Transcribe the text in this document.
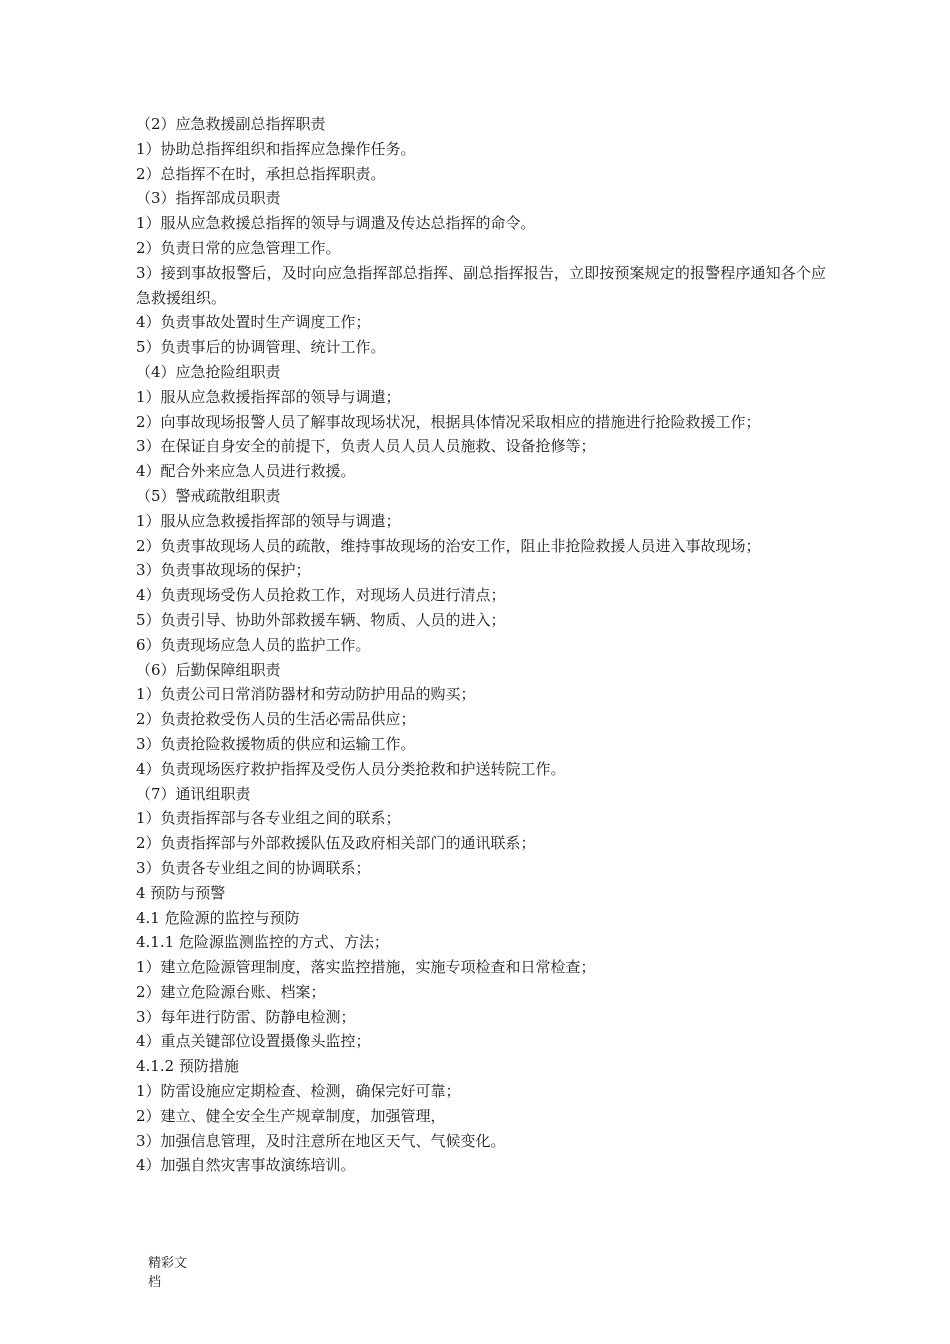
（2）应急救援副总指挥职责
1）协助总指挥组织和指挥应急操作任务。
2）总指挥不在时，承担总指挥职责。
（3）指挥部成员职责
1）服从应急救援总指挥的领导与调遣及传达总指挥的命令。
2）负责日常的应急管理工作。
3）接到事故报警后，及时向应急指挥部总指挥、副总指挥报告，立即按预案规定的报警程序通知各个应急救援组织。
4）负责事故处置时生产调度工作；
5）负责事后的协调管理、统计工作。
（4）应急抢险组职责
1）服从应急救援指挥部的领导与调遣；
2）向事故现场报警人员了解事故现场状况，根据具体情况采取相应的措施进行抢险救援工作；
3）在保证自身安全的前提下，负责人员人员人员施救、设备抢修等；
4）配合外来应急人员进行救援。
（5）警戒疏散组职责
1）服从应急救援指挥部的领导与调遣；
2）负责事故现场人员的疏散，维持事故现场的治安工作，阻止非抢险救援人员进入事故现场；
3）负责事故现场的保护；
4）负责现场受伤人员抢救工作，对现场人员进行清点；
5）负责引导、协助外部救援车辆、物质、人员的进入；
6）负责现场应急人员的监护工作。
（6）后勤保障组职责
1）负责公司日常消防器材和劳动防护用品的购买；
2）负责抢救受伤人员的生活必需品供应；
3）负责抢险救援物质的供应和运输工作。
4）负责现场医疗救护指挥及受伤人员分类抢救和护送转院工作。
（7）通讯组职责
1）负责指挥部与各专业组之间的联系；
2）负责指挥部与外部救援队伍及政府相关部门的通讯联系；
3）负责各专业组之间的协调联系；
4 预防与预警
4.1 危险源的监控与预防
4.1.1 危险源监测监控的方式、方法；
1）建立危险源管理制度，落实监控措施，实施专项检查和日常检查；
2）建立危险源台账、档案；
3）每年进行防雷、防静电检测；
4）重点关键部位设置摄像头监控；
4.1.2 预防措施
1）防雷设施应定期检查、检测，确保完好可靠；
2）建立、健全安全生产规章制度，加强管理，
3）加强信息管理，及时注意所在地区天气、气候变化。
4）加强自然灾害事故演练培训。
精彩文档
